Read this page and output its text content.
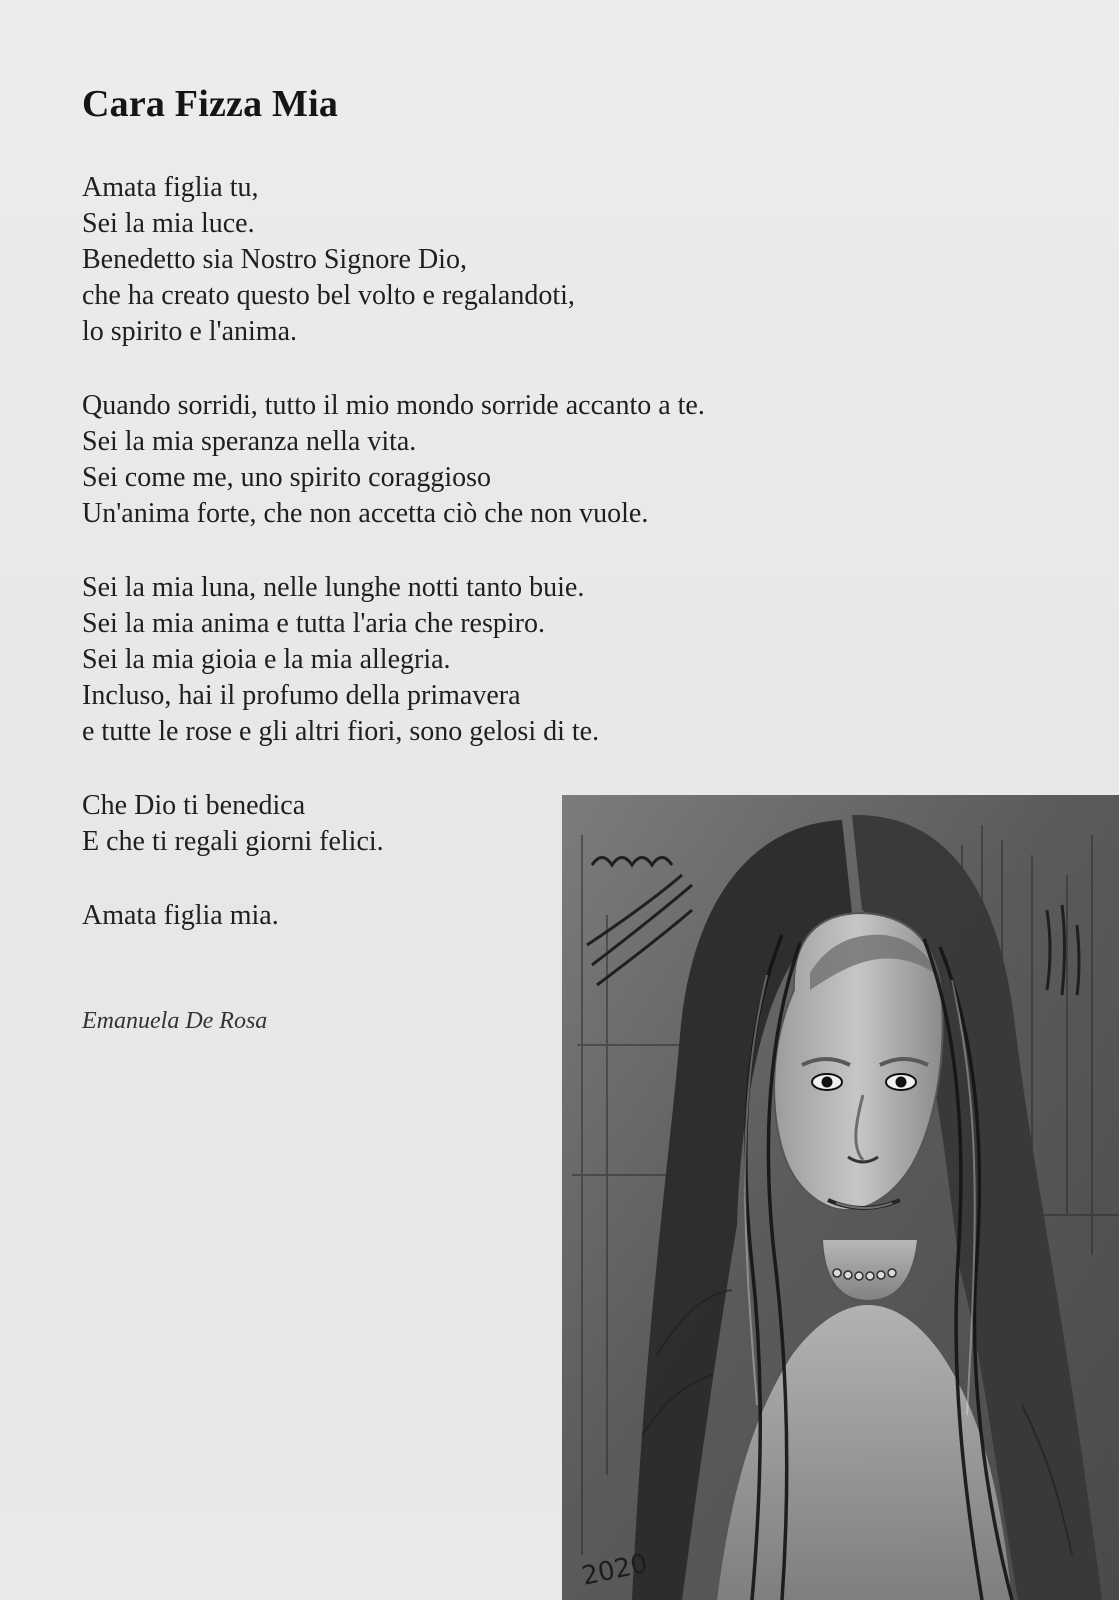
Cara Fizza Mia
Amata figlia tu,
Sei la mia luce.
Benedetto sia Nostro Signore Dio,
che ha creato questo bel volto e regalandoti,
lo spirito e l'anima.
Quando sorridi, tutto il mio mondo sorride accanto a te.
Sei la mia speranza nella vita.
Sei come me, uno spirito coraggioso
Un'anima forte, che non accetta ciò che non vuole.
Sei la mia luna, nelle lunghe notti tanto buie.
Sei la mia anima e tutta l'aria che respiro.
Sei la mia gioia e la mia allegria.
Incluso, hai il profumo della primavera
e tutte le rose e gli altri fiori, sono gelosi di te.
Che Dio ti benedica
E che ti regali giorni felici.
Amata figlia mia.
Emanuela De Rosa
2020
